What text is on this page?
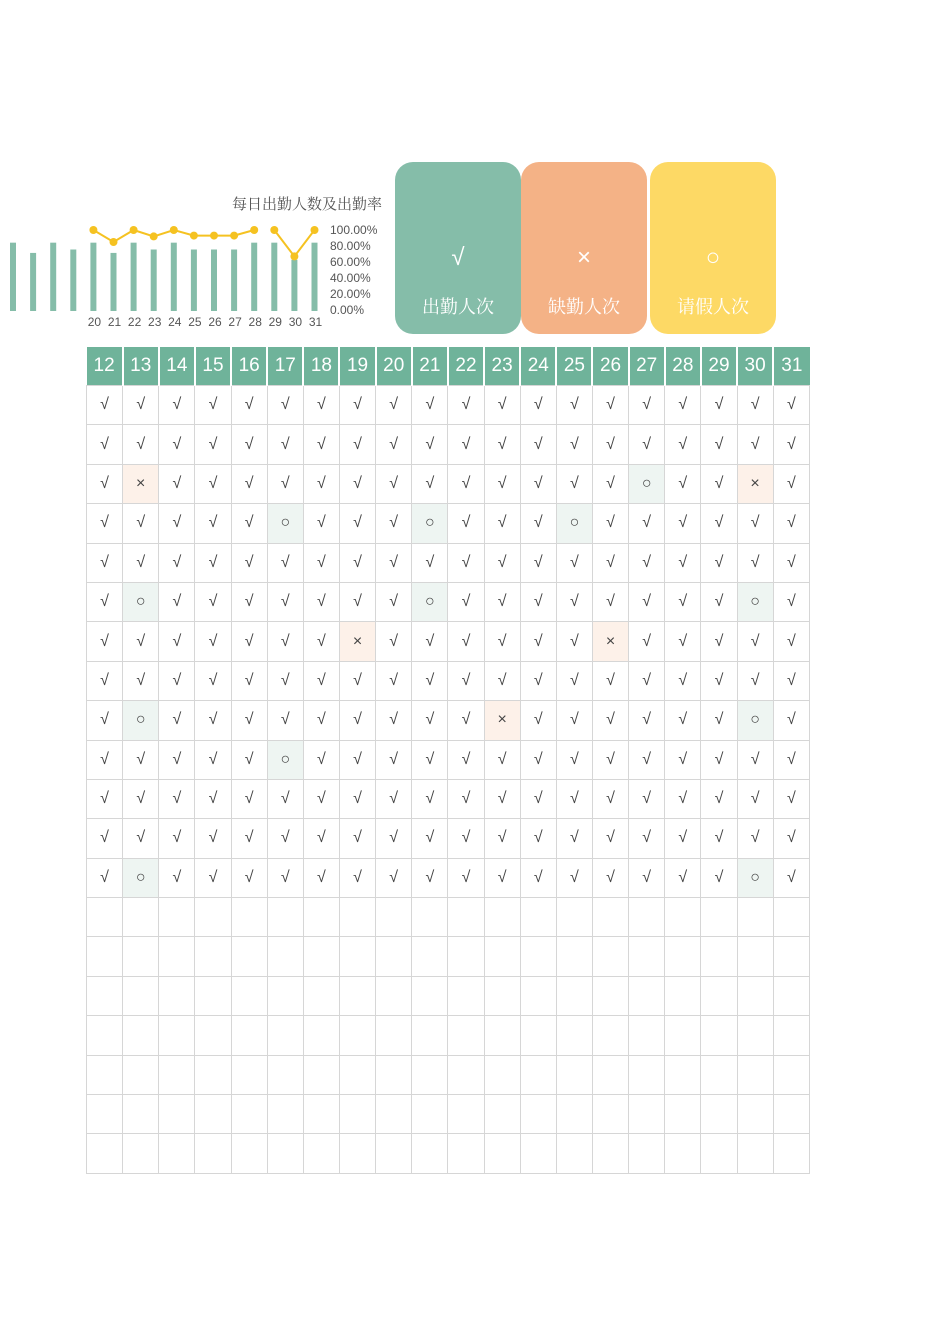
每日出勤人数及出勤率
20 21 22 23 24 25 26 27 28 29 30 31
100.00%
80.00%
60.00%
40.00%
20.00%
0.00%
√
出勤人次
×
缺勤人次
○
请假人次
12	13	14	15	16	17	18	19	20	21	22	23	24	25	26	27	28	29	30	31
√	√	√	√	√	√	√	√	√	√	√	√	√	√	√	√	√	√	√	√
√	√	√	√	√	√	√	√	√	√	√	√	√	√	√	√	√	√	√	√
√	×	√	√	√	√	√	√	√	√	√	√	√	√	√	○	√	√	×	√
√	√	√	√	√	○	√	√	√	○	√	√	√	○	√	√	√	√	√	√
√	√	√	√	√	√	√	√	√	√	√	√	√	√	√	√	√	√	√	√
√	○	√	√	√	√	√	√	√	○	√	√	√	√	√	√	√	√	○	√
√	√	√	√	√	√	√	×	√	√	√	√	√	√	×	√	√	√	√	√
√	√	√	√	√	√	√	√	√	√	√	√	√	√	√	√	√	√	√	√
√	○	√	√	√	√	√	√	√	√	√	×	√	√	√	√	√	√	○	√
√	√	√	√	√	○	√	√	√	√	√	√	√	√	√	√	√	√	√	√
√	√	√	√	√	√	√	√	√	√	√	√	√	√	√	√	√	√	√	√
√	√	√	√	√	√	√	√	√	√	√	√	√	√	√	√	√	√	√	√
√	○	√	√	√	√	√	√	√	√	√	√	√	√	√	√	√	√	○	√
